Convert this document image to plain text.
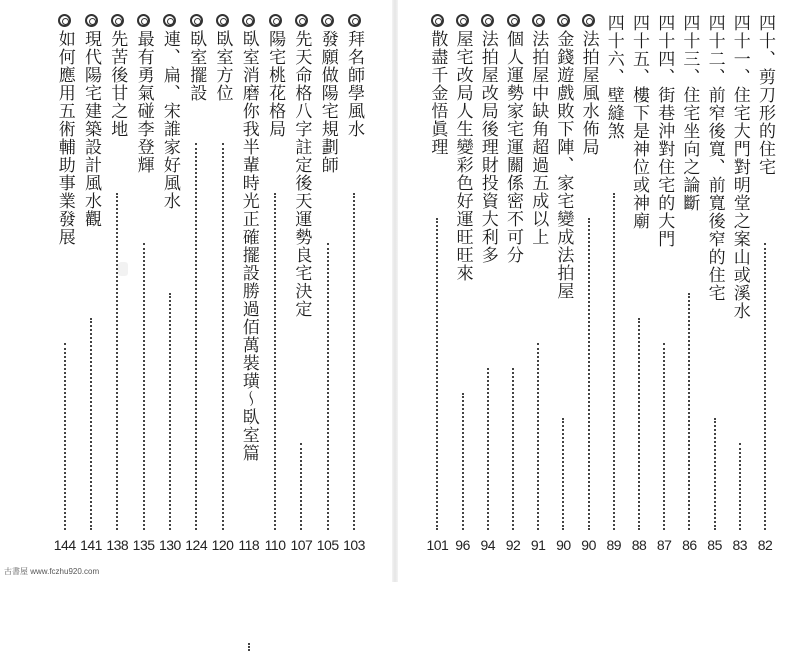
拜名師學風水
103
發願做陽宅規劃師
105
先天命格八字註定後天運勢良宅決定
107
陽宅桃花格局
110
臥室消磨你我半輩時光正確擺設勝過佰萬裝璜～臥室篇
118
臥室方位
120
臥室擺設
124
連、扁、宋誰家好風水
130
最有勇氣碰李登輝
135
先苦後甘之地
138
現代陽宅建築設計風水觀
141
如何應用五術輔助事業發展
144
四十、剪刀形的住宅
82
四十一、住宅大門對明堂之案山或溪水
83
四十二、前窄後寬、前寬後窄的住宅
85
四十三、住宅坐向之論斷
86
四十四、街巷沖對住宅的大門
87
四十五、樓下是神位或神廟
88
四十六、壁縫煞
89
法拍屋風水佈局
90
金錢遊戲敗下陣、家宅變成法拍屋
90
法拍屋中缺角超過五成以上
91
個人運勢家宅運關係密不可分
92
法拍屋改局後理財投資大利多
94
屋宅改局人生變彩色好運旺旺來
96
散盡千金悟眞理
101
古書屋 www.fczhu920.com
